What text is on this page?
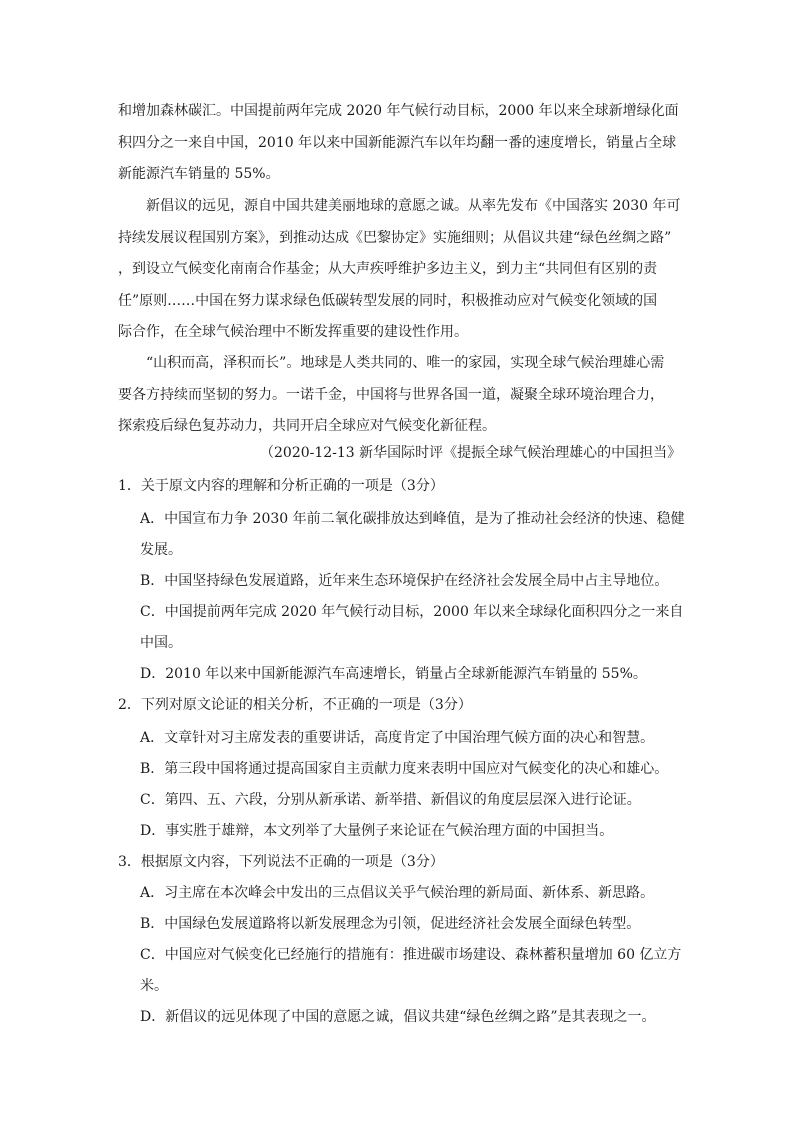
和增加森林碳汇。中国提前两年完成 2020 年气候行动目标，2000 年以来全球新增绿化面
积四分之一来自中国，2010 年以来中国新能源汽车以年均翻一番的速度增长，销量占全球
新能源汽车销量的 55%。
新倡议的远见，源自中国共建美丽地球的意愿之诚。从率先发布《中国落实 2030 年可
持续发展议程国别方案》，到推动达成《巴黎协定》实施细则；从倡议共建“绿色丝绸之路”
，到设立气候变化南南合作基金；从大声疾呼维护多边主义，到力主“共同但有区别的责
任”原则……中国在努力谋求绿色低碳转型发展的同时，积极推动应对气候变化领域的国
际合作，在全球气候治理中不断发挥重要的建设性作用。
“山积而高，泽积而长”。地球是人类共同的、唯一的家园，实现全球气候治理雄心需
要各方持续而坚韧的努力。一诺千金，中国将与世界各国一道，凝聚全球环境治理合力，
探索疫后绿色复苏动力，共同开启全球应对气候变化新征程。
（2020-12-13 新华国际时评《提振全球气候治理雄心的中国担当》
1．关于原文内容的理解和分析正确的一项是（3分）
A．中国宣布力争 2030 年前二氧化碳排放达到峰值，是为了推动社会经济的快速、稳健
发展。
B．中国坚持绿色发展道路，近年来生态环境保护在经济社会发展全局中占主导地位。
C．中国提前两年完成 2020 年气候行动目标，2000 年以来全球绿化面积四分之一来自
中国。
D．2010 年以来中国新能源汽车高速增长，销量占全球新能源汽车销量的 55%。
2．下列对原文论证的相关分析，不正确的一项是（3分）
A．文章针对习主席发表的重要讲话，高度肯定了中国治理气候方面的决心和智慧。
B．第三段中国将通过提高国家自主贡献力度来表明中国应对气候变化的决心和雄心。
C．第四、五、六段，分别从新承诺、新举措、新倡议的角度层层深入进行论证。
D．事实胜于雄辩，本文列举了大量例子来论证在气候治理方面的中国担当。
3．根据原文内容，下列说法不正确的一项是（3分）
A．习主席在本次峰会中发出的三点倡议关乎气候治理的新局面、新体系、新思路。
B．中国绿色发展道路将以新发展理念为引领，促进经济社会发展全面绿色转型。
C．中国应对气候变化已经施行的措施有：推进碳市场建设、森林蓄积量增加 60 亿立方
米。
D．新倡议的远见体现了中国的意愿之诚，倡议共建“绿色丝绸之路”是其表现之一。
